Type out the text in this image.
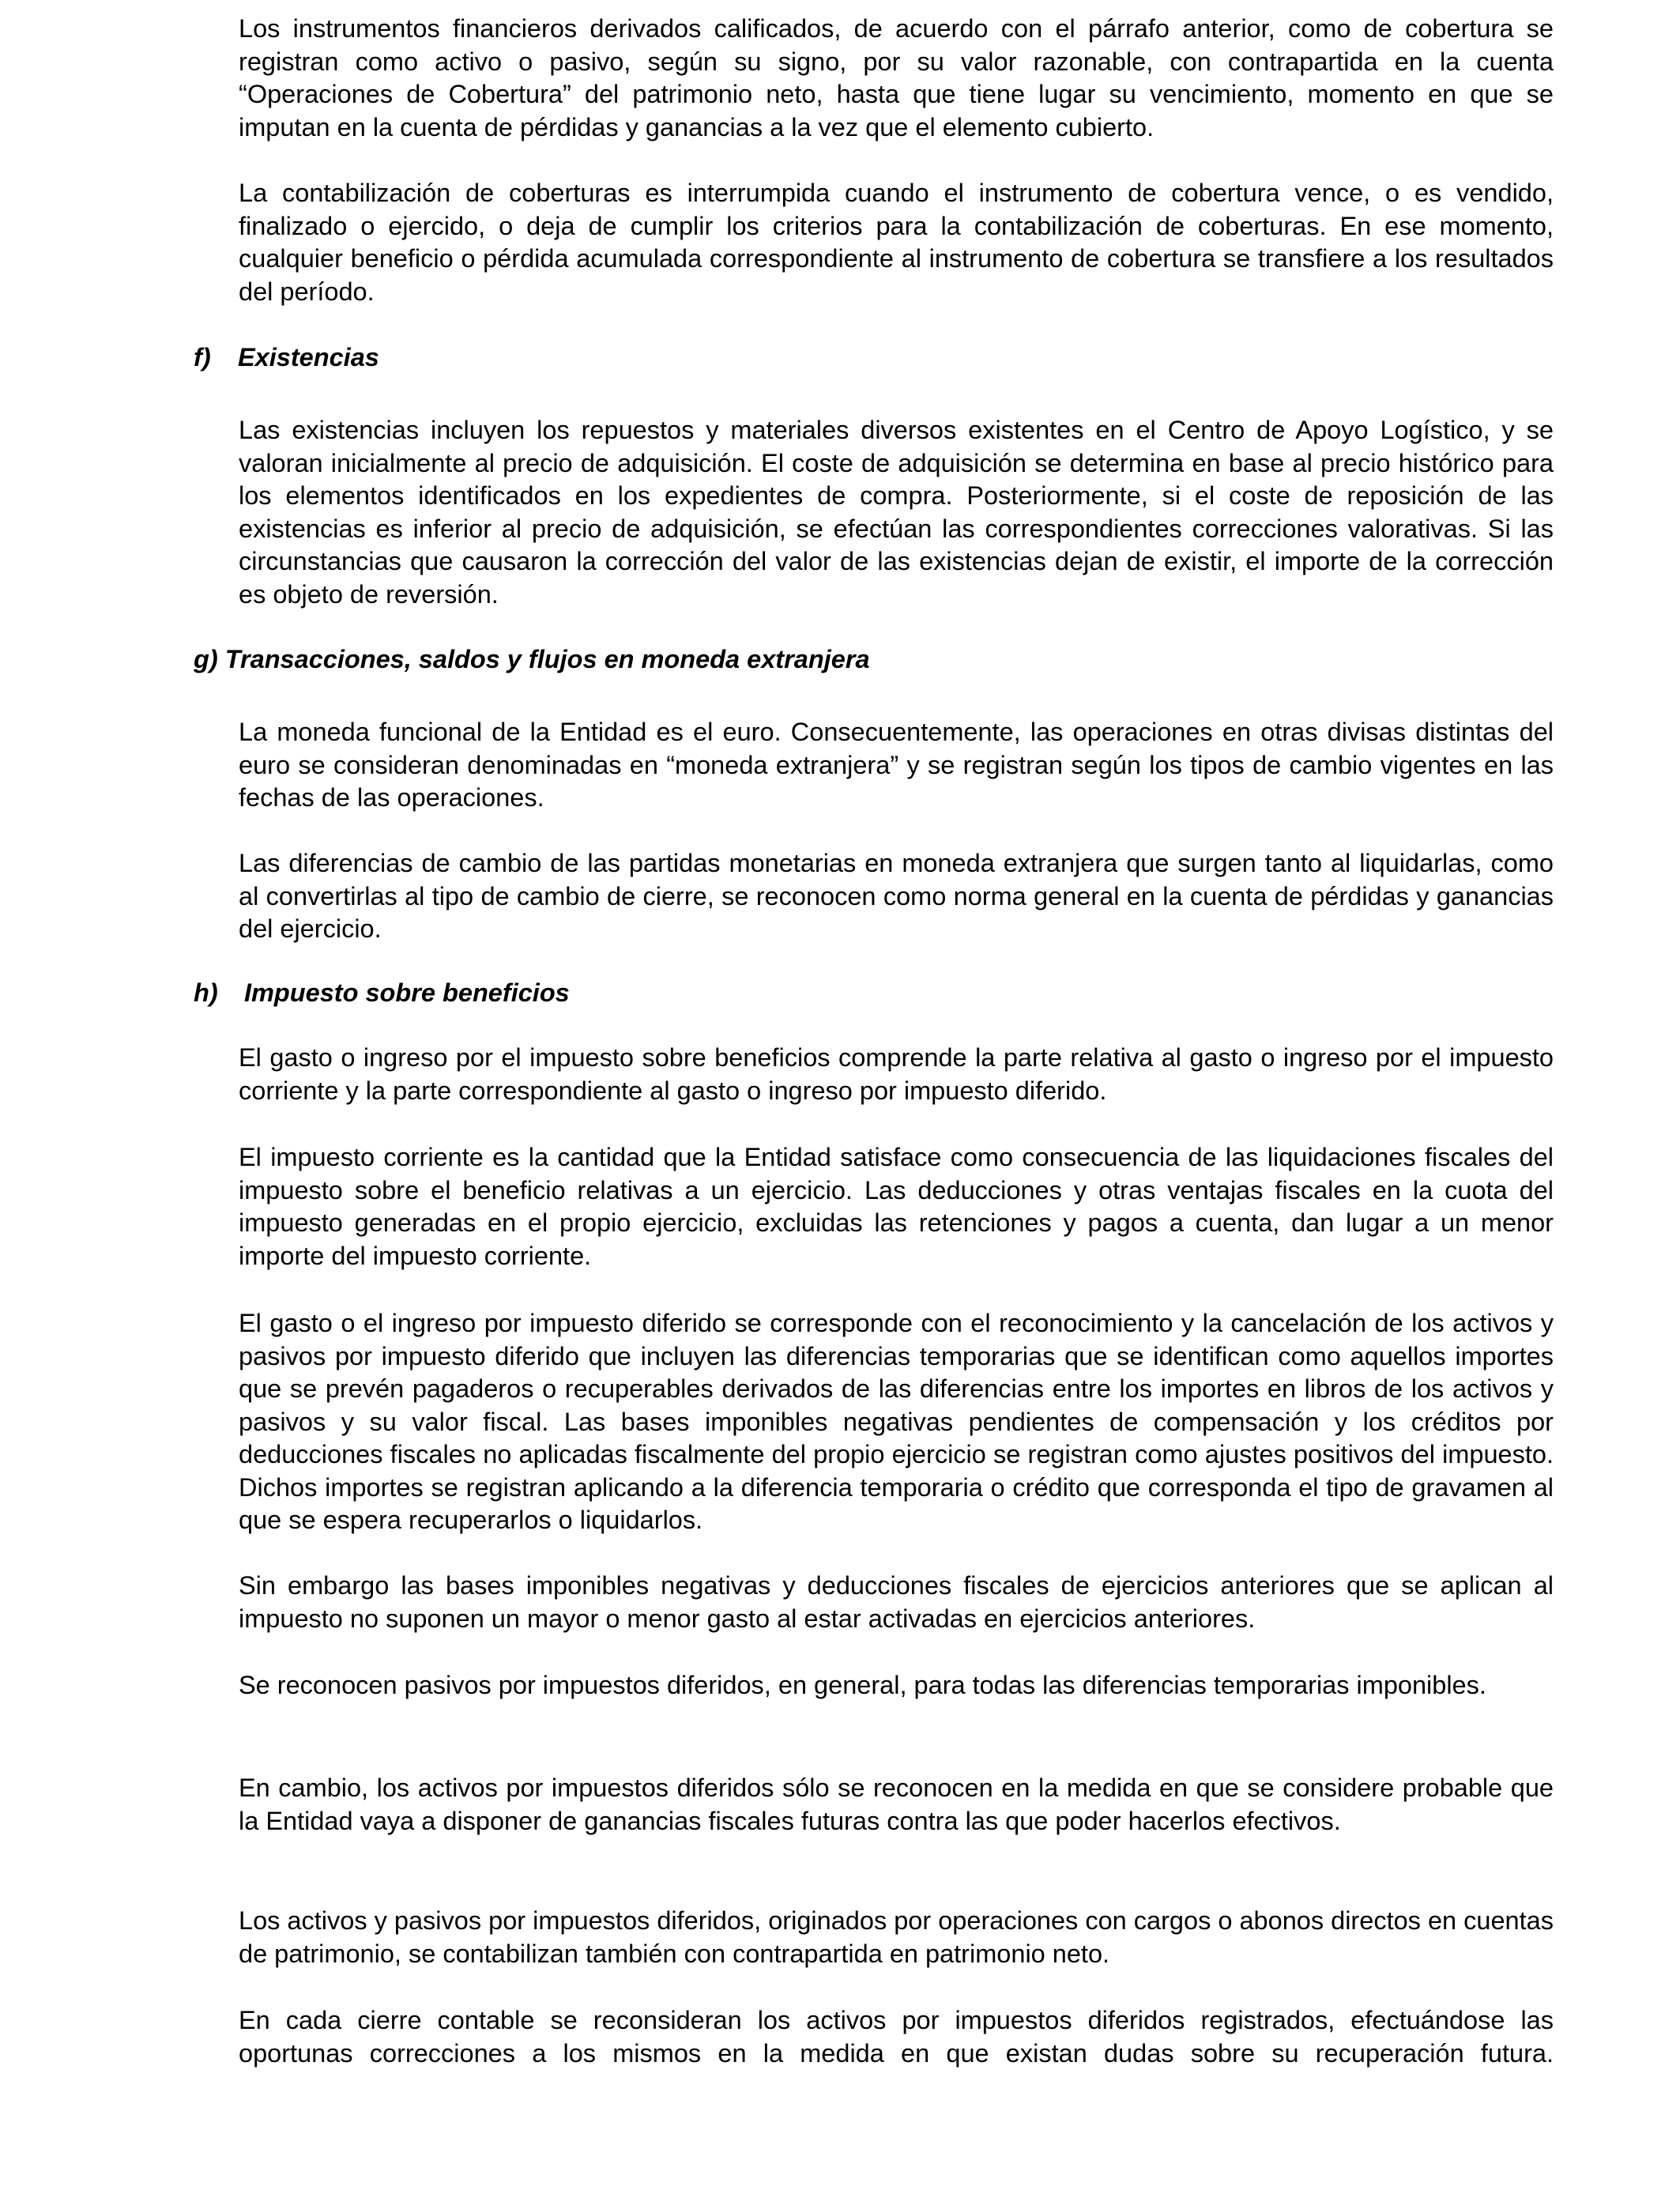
Los instrumentos financieros derivados calificados, de acuerdo con el párrafo anterior, como de cobertura se registran como activo o pasivo, según su signo, por su valor razonable, con contrapartida en la cuenta “Operaciones de Cobertura” del patrimonio neto, hasta que tiene lugar su vencimiento, momento en que se imputan en la cuenta de pérdidas y ganancias a la vez que el elemento cubierto.

La contabilización de coberturas es interrumpida cuando el instrumento de cobertura vence, o es vendido, finalizado o ejercido, o deja de cumplir los criterios para la contabilización de coberturas. En ese momento, cualquier beneficio o pérdida acumulada correspondiente al instrumento de cobertura se transfiere a los resultados del período.

f) Existencias

Las existencias incluyen los repuestos y materiales diversos existentes en el Centro de Apoyo Logístico, y se valoran inicialmente al precio de adquisición. El coste de adquisición se determina en base al precio histórico para los elementos identificados en los expedientes de compra. Posteriormente, si el coste de reposición de las existencias es inferior al precio de adquisición, se efectúan las correspondientes correcciones valorativas. Si las circunstancias que causaron la corrección del valor de las existencias dejan de existir, el importe de la corrección es objeto de reversión.

g) Transacciones, saldos y flujos en moneda extranjera

La moneda funcional de la Entidad es el euro. Consecuentemente, las operaciones en otras divisas distintas del euro se consideran denominadas en “moneda extranjera” y se registran según los tipos de cambio vigentes en las fechas de las operaciones.

Las diferencias de cambio de las partidas monetarias en moneda extranjera que surgen tanto al liquidarlas, como al convertirlas al tipo de cambio de cierre, se reconocen como norma general en la cuenta de pérdidas y ganancias del ejercicio.

h) Impuesto sobre beneficios

El gasto o ingreso por el impuesto sobre beneficios comprende la parte relativa al gasto o ingreso por el impuesto corriente y la parte correspondiente al gasto o ingreso por impuesto diferido.

El impuesto corriente es la cantidad que la Entidad satisface como consecuencia de las liquidaciones fiscales del impuesto sobre el beneficio relativas a un ejercicio. Las deducciones y otras ventajas fiscales en la cuota del impuesto generadas en el propio ejercicio, excluidas las retenciones y pagos a cuenta, dan lugar a un menor importe del impuesto corriente.

El gasto o el ingreso por impuesto diferido se corresponde con el reconocimiento y la cancelación de los activos y pasivos por impuesto diferido que incluyen las diferencias temporarias que se identifican como aquellos importes que se prevén pagaderos o recuperables derivados de las diferencias entre los importes en libros de los activos y pasivos y su valor fiscal. Las bases imponibles negativas pendientes de compensación y los créditos por deducciones fiscales no aplicadas fiscalmente del propio ejercicio se registran como ajustes positivos del impuesto. Dichos importes se registran aplicando a la diferencia temporaria o crédito que corresponda el tipo de gravamen al que se espera recuperarlos o liquidarlos.

Sin embargo las bases imponibles negativas y deducciones fiscales de ejercicios anteriores que se aplican al impuesto no suponen un mayor o menor gasto al estar activadas en ejercicios anteriores.

Se reconocen pasivos por impuestos diferidos, en general, para todas las diferencias temporarias imponibles.

En cambio, los activos por impuestos diferidos sólo se reconocen en la medida en que se considere probable que la Entidad vaya a disponer de ganancias fiscales futuras contra las que poder hacerlos efectivos.

Los activos y pasivos por impuestos diferidos, originados por operaciones con cargos o abonos directos en cuentas de patrimonio, se contabilizan también con contrapartida en patrimonio neto.

En cada cierre contable se reconsideran los activos por impuestos diferidos registrados, efectuándose las oportunas correcciones a los mismos en la medida en que existan dudas sobre su recuperación futura.
